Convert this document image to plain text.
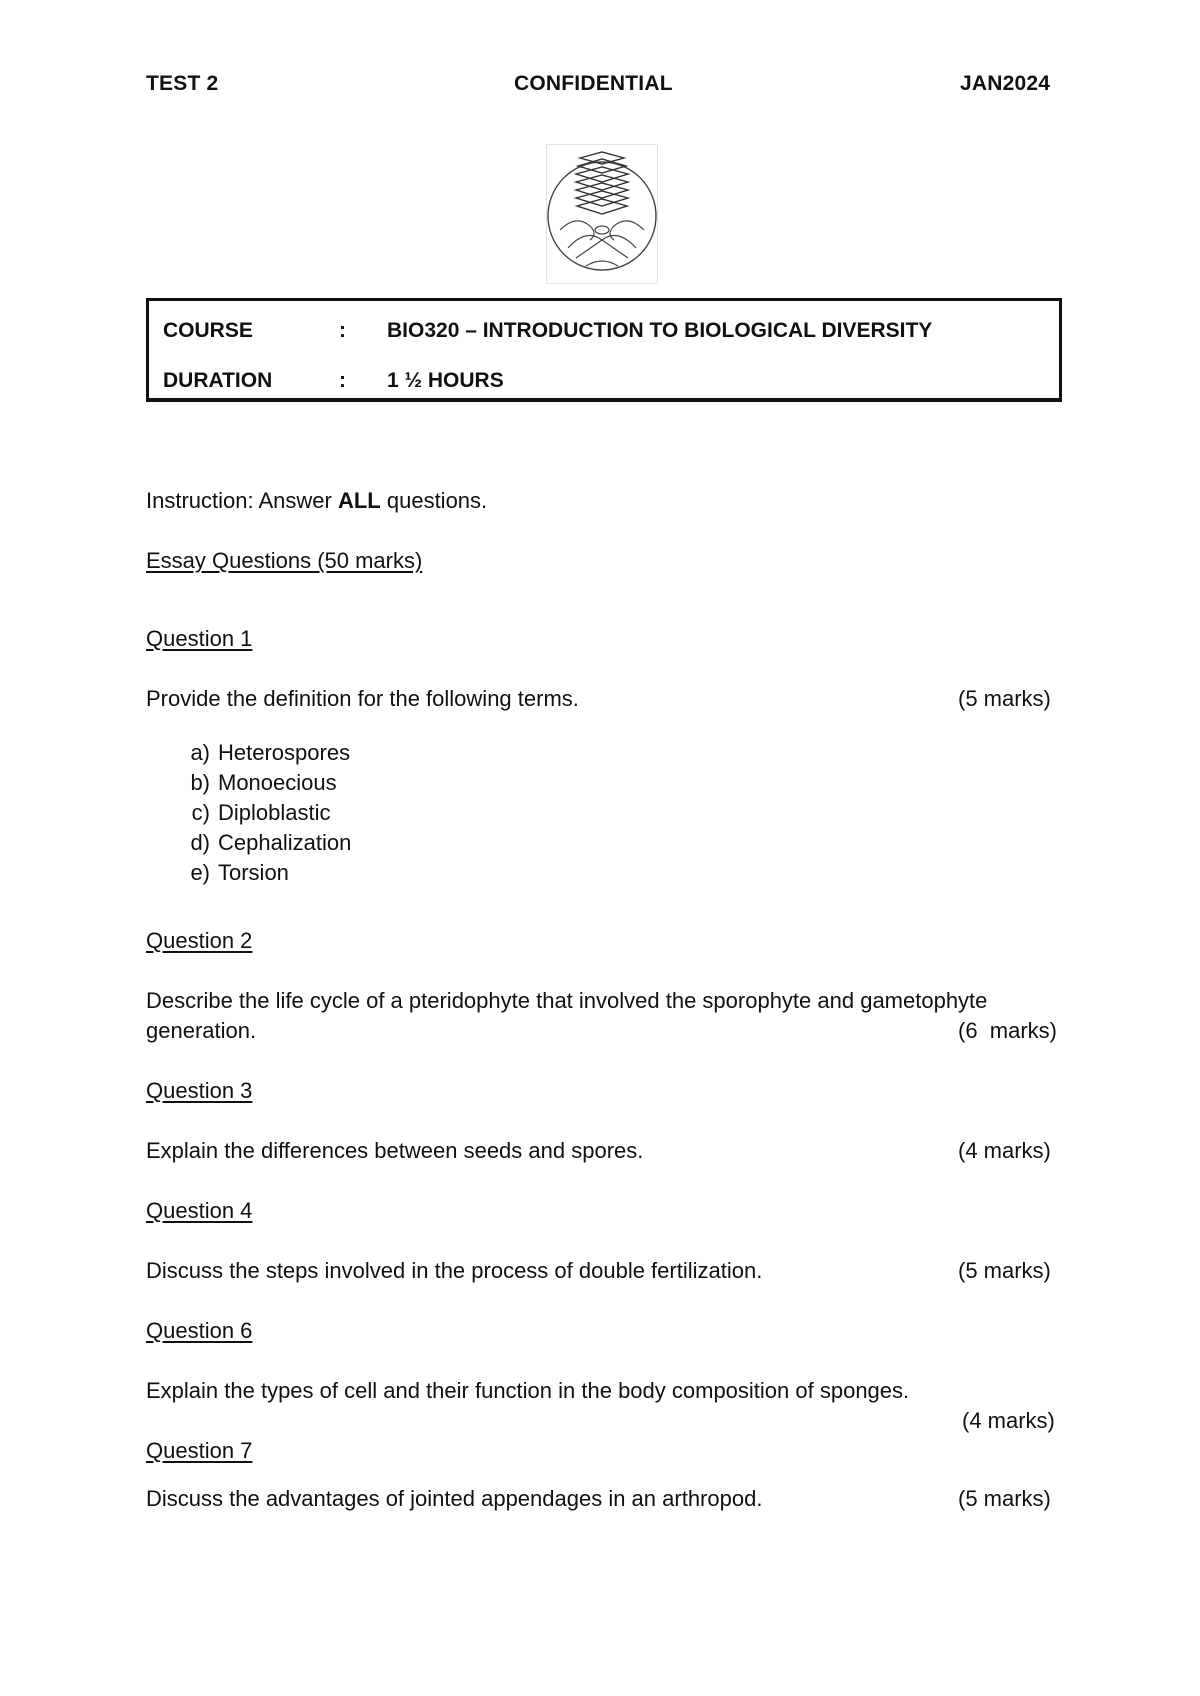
TEST 2	CONFIDENTIAL	JAN2024
COURSE	: BIO320 – INTRODUCTION TO BIOLOGICAL DIVERSITY
DURATION	: 1 ½ HOURS
Instruction: Answer ALL questions.
Essay Questions (50 marks)
Question 1
Provide the definition for the following terms.	(5 marks)
a) Heterospores
b) Monoecious
c) Diploblastic
d) Cephalization
e) Torsion
Question 2
Describe the life cycle of a pteridophyte that involved the sporophyte and gametophyte
generation.	(6  marks)
Question 3
Explain the differences between seeds and spores.	(4 marks)
Question 4
Discuss the steps involved in the process of double fertilization.	(5 marks)
Question 6
Explain the types of cell and their function in the body composition of sponges.
(4 marks)
Question 7
Discuss the advantages of jointed appendages in an arthropod.	(5 marks)
